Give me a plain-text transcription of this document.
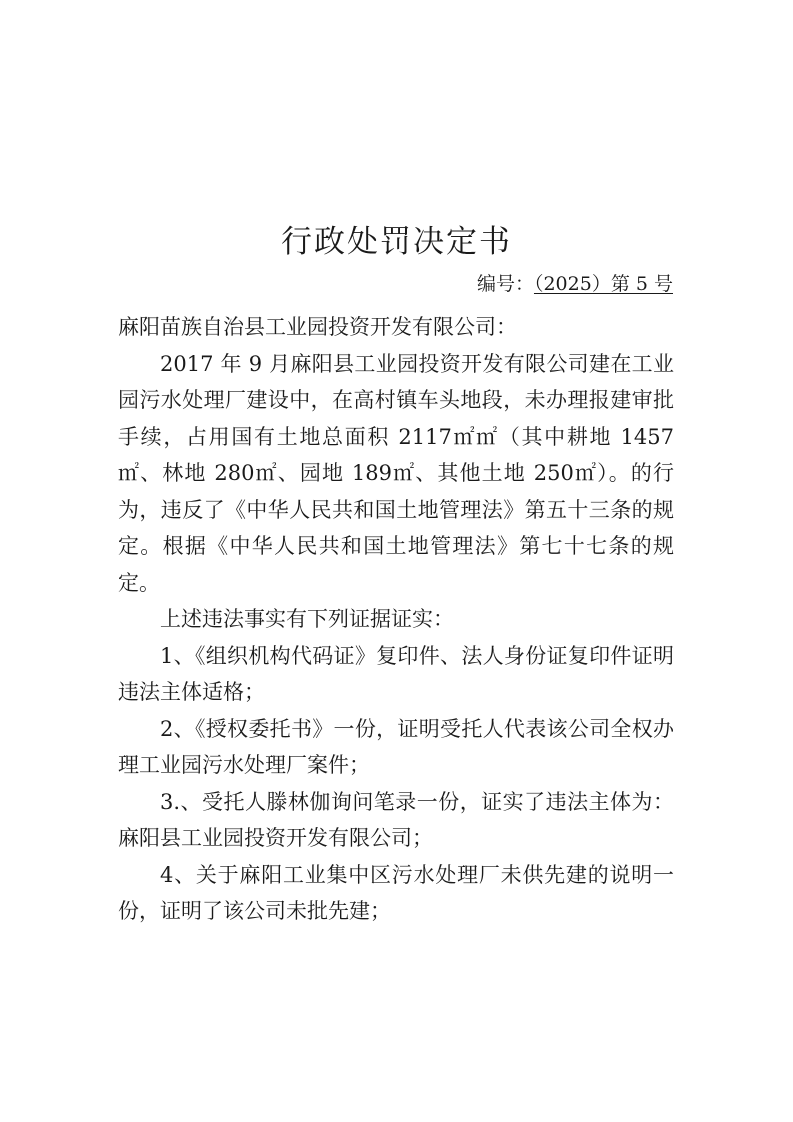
行政处罚决定书
编号：（2025）第 5 号

麻阳苗族自治县工业园投资开发有限公司：

2017 年 9 月麻阳县工业园投资开发有限公司建在工业园污水处理厂建设中，在高村镇车头地段，未办理报建审批手续，占用国有土地总面积 2117㎡㎡（其中耕地 1457㎡、林地 280㎡、园地 189㎡、其他土地 250㎡）。的行为，违反了《中华人民共和国土地管理法》第五十三条的规定。根据《中华人民共和国土地管理法》第七十七条的规定。

上述违法事实有下列证据证实：

1、《组织机构代码证》复印件、法人身份证复印件证明违法主体适格；

2、《授权委托书》一份，证明受托人代表该公司全权办理工业园污水处理厂案件；

3.、受托人滕林伽询问笔录一份，证实了违法主体为：麻阳县工业园投资开发有限公司；

4、关于麻阳工业集中区污水处理厂未供先建的说明一份，证明了该公司未批先建；
